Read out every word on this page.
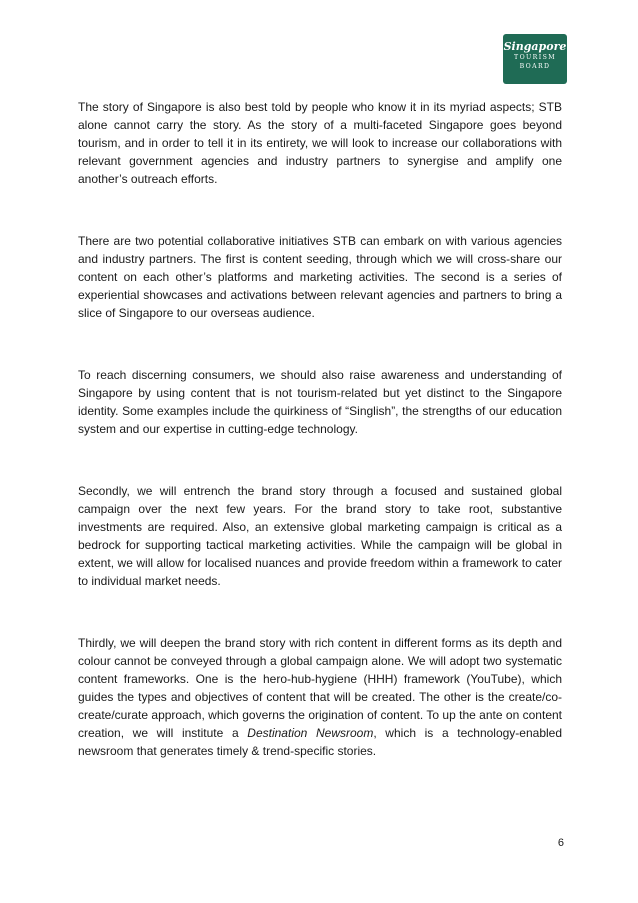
Singapore
TOURISM
BOARD

The story of Singapore is also best told by people who know it in its myriad aspects; STB alone cannot carry the story. As the story of a multi-faceted Singapore goes beyond tourism, and in order to tell it in its entirety, we will look to increase our collaborations with relevant government agencies and industry partners to synergise and amplify one another’s outreach efforts.

There are two potential collaborative initiatives STB can embark on with various agencies and industry partners. The first is content seeding, through which we will cross-share our content on each other’s platforms and marketing activities. The second is a series of experiential showcases and activations between relevant agencies and partners to bring a slice of Singapore to our overseas audience.

To reach discerning consumers, we should also raise awareness and understanding of Singapore by using content that is not tourism-related but yet distinct to the Singapore identity. Some examples include the quirkiness of “Singlish”, the strengths of our education system and our expertise in cutting-edge technology.

Secondly, we will entrench the brand story through a focused and sustained global campaign over the next few years. For the brand story to take root, substantive investments are required. Also, an extensive global marketing campaign is critical as a bedrock for supporting tactical marketing activities. While the campaign will be global in extent, we will allow for localised nuances and provide freedom within a framework to cater to individual market needs.

Thirdly, we will deepen the brand story with rich content in different forms as its depth and colour cannot be conveyed through a global campaign alone. We will adopt two systematic content frameworks. One is the hero-hub-hygiene (HHH) framework (YouTube), which guides the types and objectives of content that will be created. The other is the create/co-create/curate approach, which governs the origination of content. To up the ante on content creation, we will institute a Destination Newsroom, which is a technology-enabled newsroom that generates timely & trend-specific stories.

6
